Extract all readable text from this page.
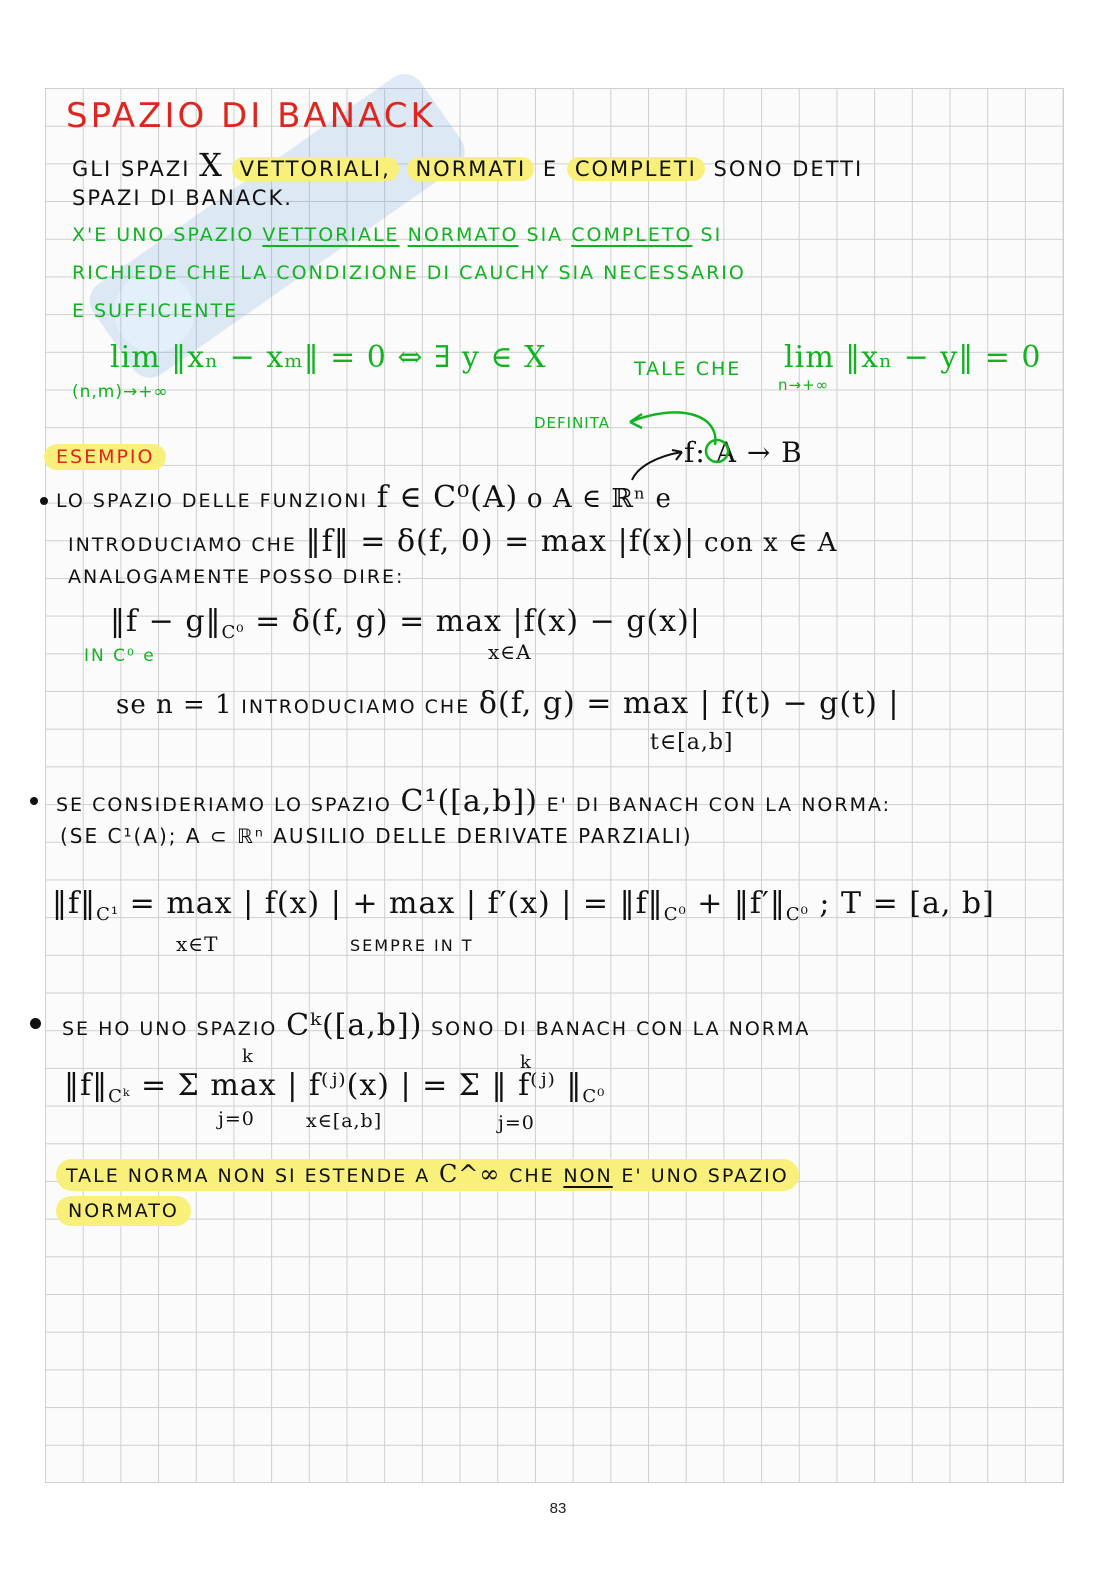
SPAZIO DI BANACK
GLI SPAZI X VETTORIALI, NORMATI E COMPLETI SONO DETTI
SPAZI DI BANACK.
X'E UNO SPAZIO VETTORIALE NORMATO SIA COMPLETO SI
RICHIEDE CHE LA CONDIZIONE DI CAUCHY SIA NECESSARIO
E SUFFICIENTE
lim ‖xₙ − xₘ‖ = 0 ⇔ ∃ y ∈ X	TALE CHE lim ‖xₙ − y‖ = 0
(n,m)→+∞	n→+∞
DEFINITA
ESEMPIO	f: A → B
LO SPAZIO DELLE FUNZIONI f ∈ C⁰(A) o A ∈ ℝⁿ e
INTRODUCIAMO CHE ‖f‖ = δ(f, 0) = max |f(x)| con x ∈ A
ANALOGAMENTE POSSO DIRE:
‖f − $g‖_{C^0} = \delta(f$, g) = max |f(x) − g(x)|
IN C⁰ e	x∈A
se n = 1 INTRODUCIAMO CHE δ(f, g) = max | f(t) − g(t) |
t∈[a,b]
SE CONSIDERIAMO LO SPAZIO C¹([a,b]) E' DI BANACH CON LA NORMA:
(SE C¹(A); A ⊂ ℝⁿ AUSILIO DELLE DERIVATE PARZIALI)
$‖f‖_{C^1} = \max$ | f(x) | + max | f′(x) | = $‖f‖_{C^0}$ + $‖f'‖_{C^0}$ ; T = [a, b]
x∈T	SEMPRE IN T
SE HO UNO SPAZIO Cᵏ([a,b]) SONO DI BANACH CON LA NORMA
k	k
$‖f‖_{Cᵏ} = \Sigma$ max | f⁽ʲ⁾(x) | = Σ ‖ f⁽ʲ⁾ $‖_{C^0}$
j=0	x∈[a,b]	j=0
TALE NORMA NON SI ESTENDE A C^∞ CHE NON E' UNO SPAZIO
NORMATO
83
